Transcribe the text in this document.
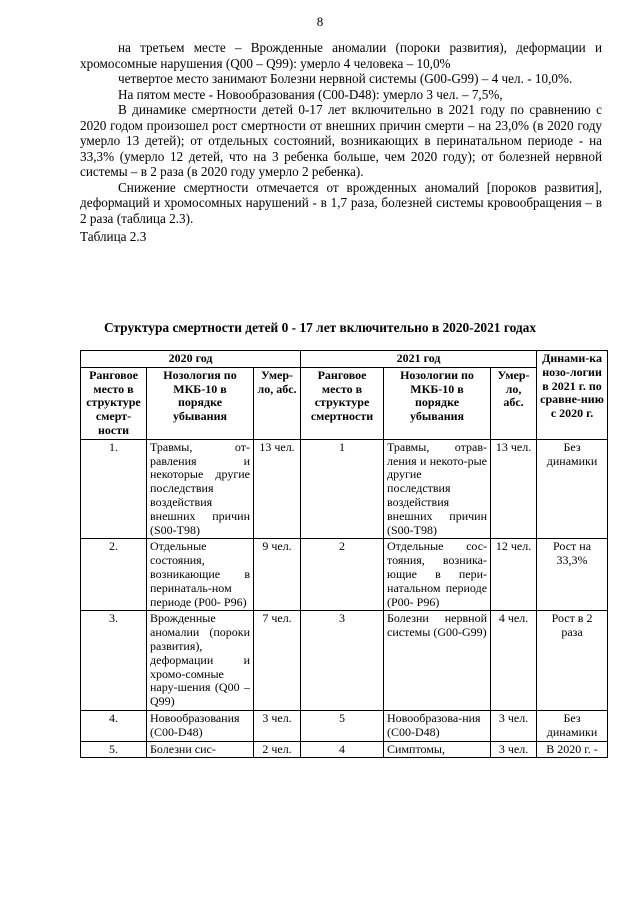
8

на третьем месте – Врожденные аномалии (пороки развития), деформации и хромосомные нарушения (Q00 – Q99): умерло 4 человека – 10,0%

четвертое место занимают Болезни нервной системы (G00-G99) – 4 чел. - 10,0%.

На пятом месте - Новообразования (C00-D48): умерло 3 чел. – 7,5%,

В динамике смертности детей 0-17 лет включительно в 2021 году по сравнению с 2020 годом произошел рост смертности от внешних причин смерти – на 23,0% (в 2020 году умерло 13 детей); от отдельных состояний, возникающих в перинатальном периоде - на 33,3% (умерло 12 детей, что на 3 ребенка больше, чем 2020 году); от болезней нервной системы – в 2 раза (в 2020 году умерло 2 ребенка).

Снижение смертности отмечается от врожденных аномалий [пороков развития], деформаций и хромосомных нарушений - в 1,7 раза, болезней системы кровообращения – в 2 раза (таблица 2.3).

Таблица 2.3

Структура смертности детей 0 - 17 лет включительно в 2020-2021 годах
2020 год			2021 год			Динами-ка нозо-логии в 2021 г. по сравне-нию с 2020 г.
Ранговое место в структуре смерт-ности	Нозология по МКБ-10 в порядке убывания	Умер-ло, абс.	Ранговое место в структуре смертности	Нозологии по МКБ-10 в порядке убывания	Умер-ло, абс.	
1.	Травмы, от-равления и некоторые другие последствия воздействия внешних причин (S00-T98)	13 чел.	1	Травмы, отрав-ления и некото-рые другие последствия воздействия внешних причин (S00-T98)	13 чел.	Без динамики
2.	Отдельные состояния, возникающие в перинаталь-ном периоде (P00- P96)	9 чел.	2	Отдельные сос-тояния, возника-ющие в пери-натальном периоде (P00- P96)	12 чел.	Рост на 33,3%
3.	Врожденные аномалии (пороки развития), деформации и хромо-сомные нару-шения (Q00 – Q99)	7 чел.	3	Болезни нервной системы (G00-G99)	4 чел.	Рост в 2 раза
4.	Новообразования (C00-D48)	3 чел.	5	Новообразова-ния (C00-D48)	3 чел.	Без динамики
5.	Болезни сис-	2 чел.	4	Симптомы,	3 чел.	В 2020 г. -
